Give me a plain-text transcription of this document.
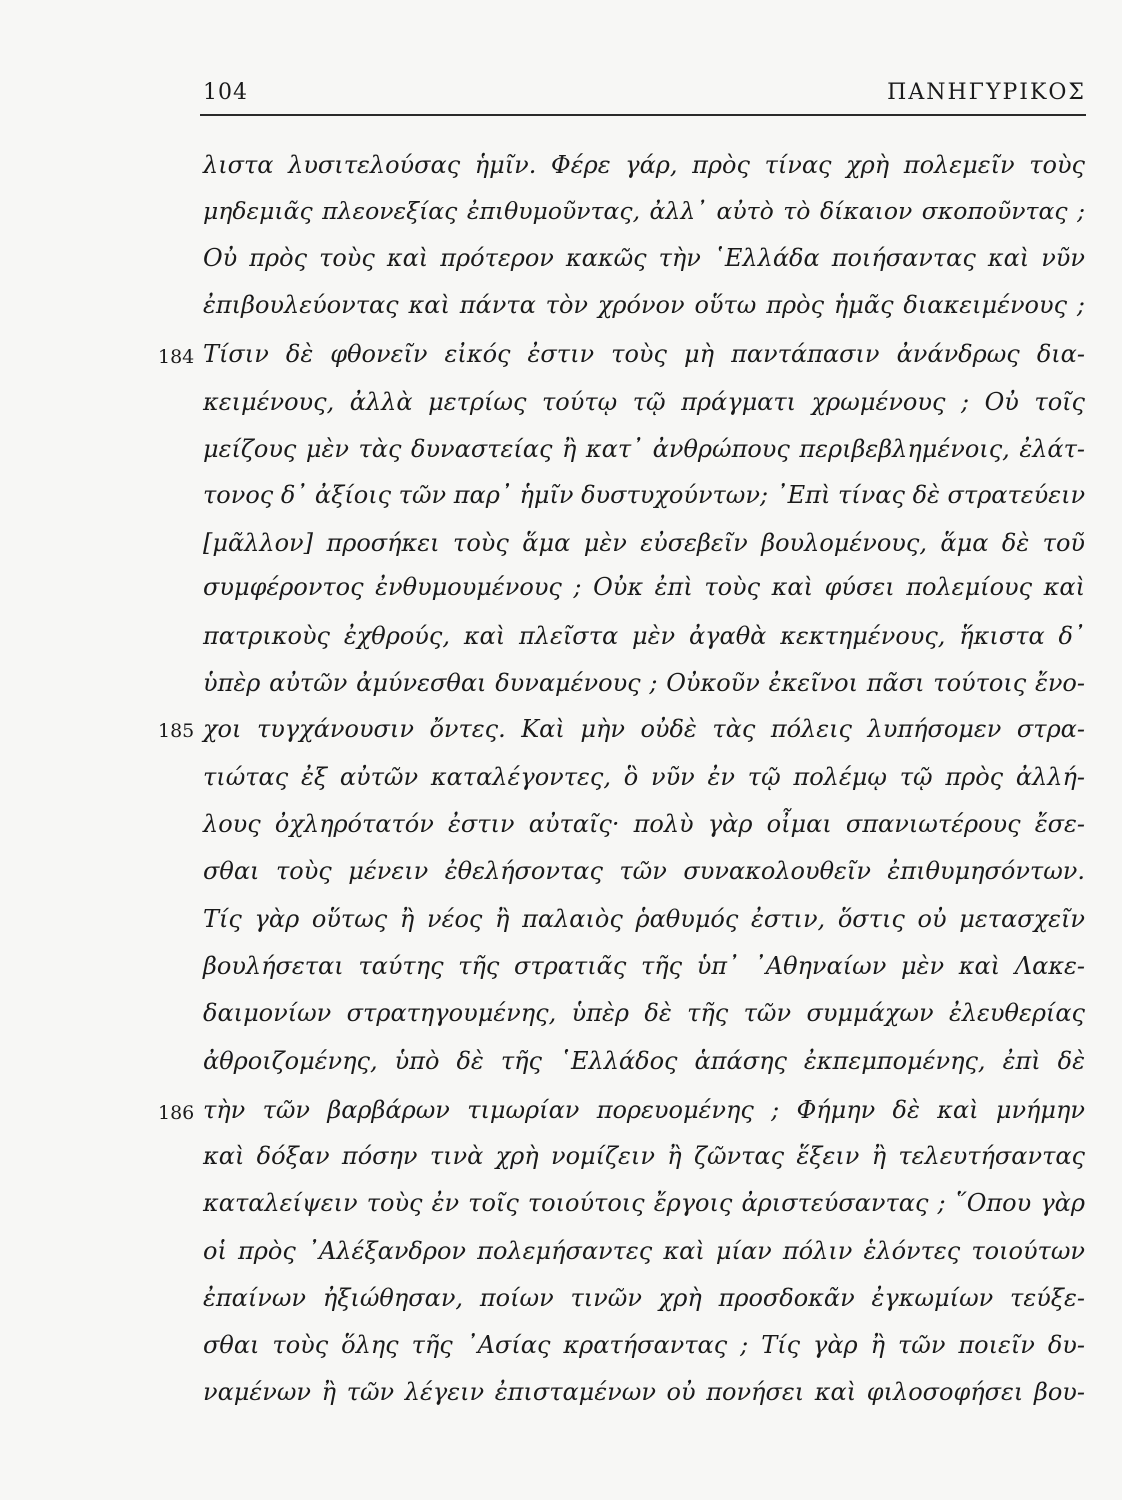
104	ΠΑΝΗΓΥΡΙΚΟΣ
184
185
186
λιστα λυσιτελούσας ἡμῖν. Φέρε γάρ, πρὸς τίνας χρὴ πολεμεῖν τοὺς
μηδεμιᾶς πλεονεξίας ἐπιθυμοῦντας, ἀλλ᾽ αὐτὸ τὸ δίκαιον σκοποῦντας ;
Οὐ πρὸς τοὺς καὶ πρότερον κακῶς τὴν ῾Ελλάδα ποιήσαντας καὶ νῦν
ἐπιβουλεύοντας καὶ πάντα τὸν χρόνον οὕτω πρὸς ἡμᾶς διακειμένους ;
Τίσιν δὲ φθονεῖν εἰκός ἐστιν τοὺς μὴ παντάπασιν ἀνάνδρως δια-
κειμένους, ἀλλὰ μετρίως τούτῳ τῷ πράγματι χρωμένους ; Οὐ τοῖς
μείζους μὲν τὰς δυναστείας ἢ κατ᾽ ἀνθρώπους περιβεβλημένοις, ἐλάτ-
τονος δ᾽ ἀξίοις τῶν παρ᾽ ἡμῖν δυστυχούντων; ᾽Επὶ τίνας δὲ στρατεύειν
[μᾶλλον] προσήκει τοὺς ἅμα μὲν εὐσεβεῖν βουλομένους, ἅμα δὲ τοῦ
συμφέροντος ἐνθυμουμένους ; Οὐκ ἐπὶ τοὺς καὶ φύσει πολεμίους καὶ
πατρικοὺς ἐχθρούς, καὶ πλεῖστα μὲν ἀγαθὰ κεκτημένους, ἥκιστα δ᾽
ὑπὲρ αὐτῶν ἀμύνεσθαι δυναμένους ; Οὐκοῦν ἐκεῖνοι πᾶσι τούτοις ἔνο-
χοι τυγχάνουσιν ὄντες. Καὶ μὴν οὐδὲ τὰς πόλεις λυπήσομεν στρα-
τιώτας ἐξ αὐτῶν καταλέγοντες, ὃ νῦν ἐν τῷ πολέμῳ τῷ πρὸς ἀλλή-
λους ὀχληρότατόν ἐστιν αὐταῖς· πολὺ γὰρ οἶμαι σπανιωτέρους ἔσε-
σθαι τοὺς μένειν ἐθελήσοντας τῶν συνακολουθεῖν ἐπιθυμησόντων.
Τίς γὰρ οὕτως ἢ νέος ἢ παλαιὸς ῥαθυμός ἐστιν, ὅστις οὐ μετασχεῖν
βουλήσεται ταύτης τῆς στρατιᾶς τῆς ὑπ᾽ ᾽Αθηναίων μὲν καὶ Λακε-
δαιμονίων στρατηγουμένης, ὑπὲρ δὲ τῆς τῶν συμμάχων ἐλευθερίας
ἀθροιζομένης, ὑπὸ δὲ τῆς ῾Ελλάδος ἁπάσης ἐκπεμπομένης, ἐπὶ δὲ
τὴν τῶν βαρβάρων τιμωρίαν πορευομένης ; Φήμην δὲ καὶ μνήμην
καὶ δόξαν πόσην τινὰ χρὴ νομίζειν ἢ ζῶντας ἕξειν ἢ τελευτήσαντας
καταλείψειν τοὺς ἐν τοῖς τοιούτοις ἔργοις ἀριστεύσαντας ; ῞Οπου γὰρ
οἱ πρὸς ᾽Αλέξανδρον πολεμήσαντες καὶ μίαν πόλιν ἑλόντες τοιούτων
ἐπαίνων ἠξιώθησαν, ποίων τινῶν χρὴ προσδοκᾶν ἐγκωμίων τεύξε-
σθαι τοὺς ὅλης τῆς ᾽Ασίας κρατήσαντας ; Τίς γὰρ ἢ τῶν ποιεῖν δυ-
ναμένων ἢ τῶν λέγειν ἐπισταμένων οὐ πονήσει καὶ φιλοσοφήσει βου-
